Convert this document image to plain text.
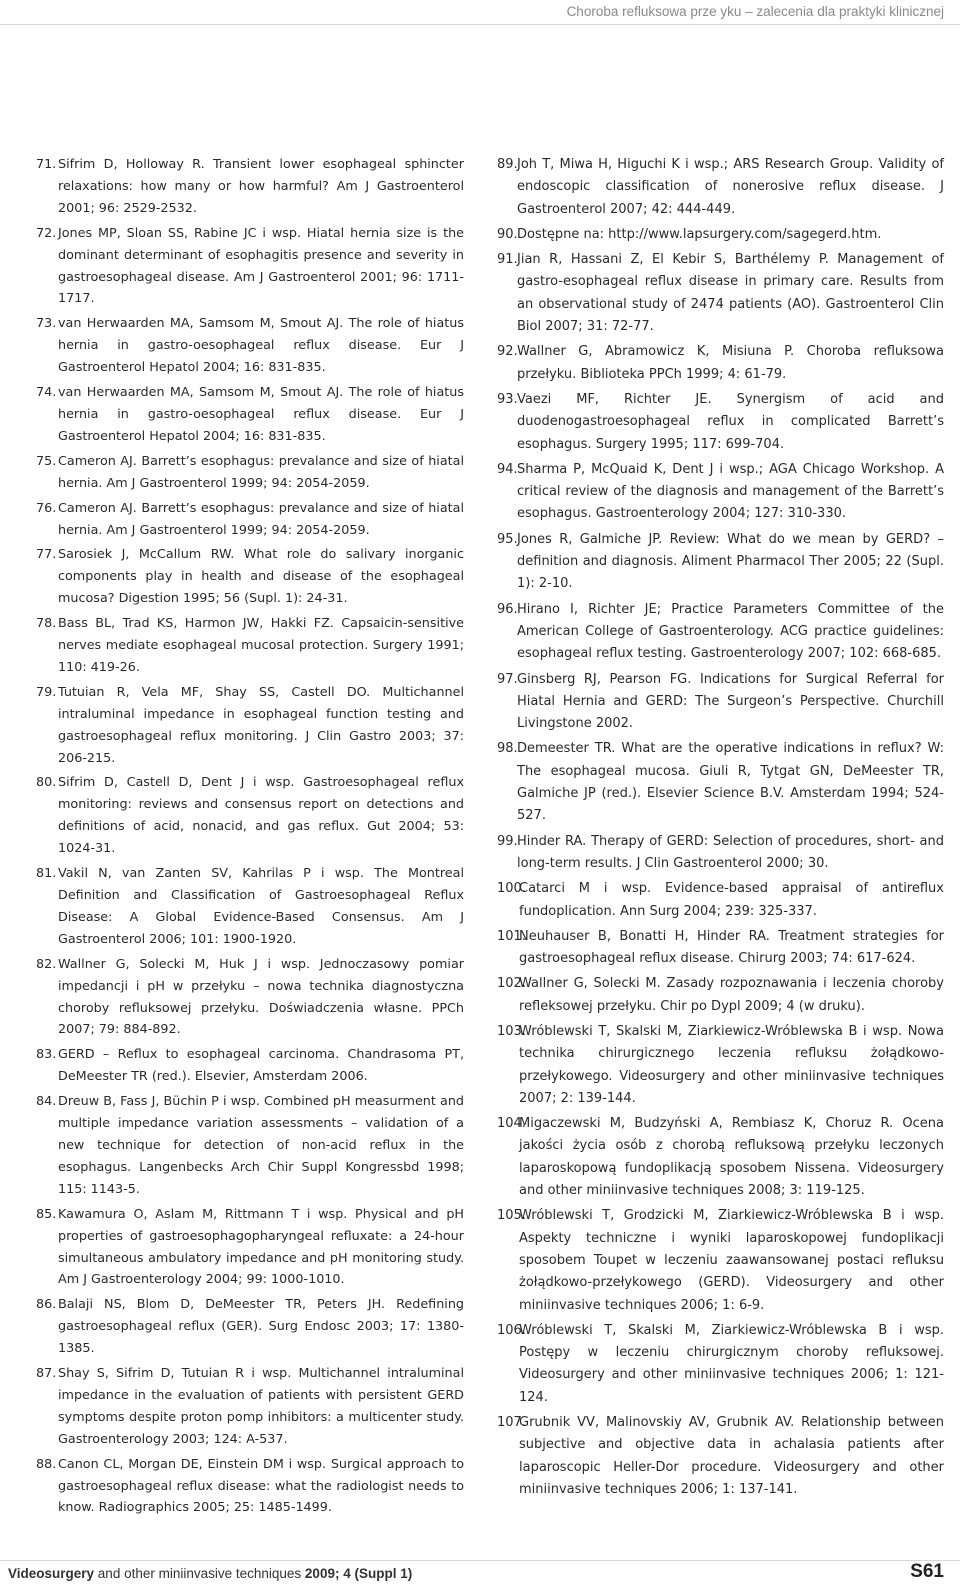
Choroba refluksowa prze yku – zalecenia dla praktyki klinicznej
71. Sifrim D, Holloway R. Transient lower esophageal sphincter relaxations: how many or how harmful? Am J Gastroenterol 2001; 96: 2529-2532.
72. Jones MP, Sloan SS, Rabine JC i wsp. Hiatal hernia size is the dominant determinant of esophagitis presence and severity in gastroesophageal disease. Am J Gastroenterol 2001; 96: 1711-1717.
73. van Herwaarden MA, Samsom M, Smout AJ. The role of hiatus hernia in gastro-oesophageal reflux disease. Eur J Gastroenterol Hepatol 2004; 16: 831-835.
74. van Herwaarden MA, Samsom M, Smout AJ. The role of hiatus hernia in gastro-oesophageal reflux disease. Eur J Gastroenterol Hepatol 2004; 16: 831-835.
75. Cameron AJ. Barrett’s esophagus: prevalance and size of hiatal hernia. Am J Gastroenterol 1999; 94: 2054-2059.
76. Cameron AJ. Barrett’s esophagus: prevalance and size of hiatal hernia. Am J Gastroenterol 1999; 94: 2054-2059.
77. Sarosiek J, McCallum RW. What role do salivary inorganic components play in health and disease of the esophageal mucosa? Digestion 1995; 56 (Supl. 1): 24-31.
78. Bass BL, Trad KS, Harmon JW, Hakki FZ. Capsaicin-sensitive nerves mediate esophageal mucosal protection. Surgery 1991; 110: 419-26.
79. Tutuian R, Vela MF, Shay SS, Castell DO. Multichannel intraluminal impedance in esophageal function testing and gastroesophageal reflux monitoring. J Clin Gastro 2003; 37: 206-215.
80. Sifrim D, Castell D, Dent J i wsp. Gastroesophageal reflux monitoring: reviews and consensus report on detections and definitions of acid, nonacid, and gas reflux. Gut 2004; 53: 1024-31.
81. Vakil N, van Zanten SV, Kahrilas P i wsp. The Montreal Definition and Classification of Gastroesophageal Reflux Disease: A Global Evidence-Based Consensus. Am J Gastroenterol 2006; 101: 1900-1920.
82. Wallner G, Solecki M, Huk J i wsp. Jednoczasowy pomiar impedancji i pH w przełyku – nowa technika diagnostyczna choroby refluksowej przełyku. Doświadczenia własne. PPCh 2007; 79: 884-892.
83. GERD – Reflux to esophageal carcinoma. Chandrasoma PT, DeMeester TR (red.). Elsevier, Amsterdam 2006.
84. Dreuw B, Fass J, Büchin P i wsp. Combined pH measurment and multiple impedance variation assessments – validation of a new technique for detection of non-acid reflux in the esophagus. Langenbecks Arch Chir Suppl Kongressbd 1998; 115: 1143-5.
85. Kawamura O, Aslam M, Rittmann T i wsp. Physical and pH properties of gastroesophagopharyngeal refluxate: a 24-hour simultaneous ambulatory impedance and pH monitoring study. Am J Gastroenterology 2004; 99: 1000-1010.
86. Balaji NS, Blom D, DeMeester TR, Peters JH. Redefining gastroesophageal reflux (GER). Surg Endosc 2003; 17: 1380-1385.
87. Shay S, Sifrim D, Tutuian R i wsp. Multichannel intraluminal impedance in the evaluation of patients with persistent GERD symptoms despite proton pomp inhibitors: a multicenter study. Gastroenterology 2003; 124: A-537.
88. Canon CL, Morgan DE, Einstein DM i wsp. Surgical approach to gastroesophageal reflux disease: what the radiologist needs to know. Radiographics 2005; 25: 1485-1499.
89. Joh T, Miwa H, Higuchi K i wsp.; ARS Research Group. Validity of endoscopic classification of nonerosive reflux disease. J Gastroenterol 2007; 42: 444-449.
90. Dostępne na: http://www.lapsurgery.com/sagegerd.htm.
91. Jian R, Hassani Z, El Kebir S, Barthélemy P. Management of gastro-esophageal reflux disease in primary care. Results from an observational study of 2474 patients (AO). Gastroenterol Clin Biol 2007; 31: 72-77.
92. Wallner G, Abramowicz K, Misiuna P. Choroba refluksowa przełyku. Biblioteka PPCh 1999; 4: 61-79.
93. Vaezi MF, Richter JE. Synergism of acid and duodenogastroesophageal reflux in complicated Barrett’s esophagus. Surgery 1995; 117: 699-704.
94. Sharma P, McQuaid K, Dent J i wsp.; AGA Chicago Workshop. A critical review of the diagnosis and management of the Barrett’s esophagus. Gastroenterology 2004; 127: 310-330.
95. Jones R, Galmiche JP. Review: What do we mean by GERD? – definition and diagnosis. Aliment Pharmacol Ther 2005; 22 (Supl. 1): 2-10.
96. Hirano I, Richter JE; Practice Parameters Committee of the American College of Gastroenterology. ACG practice guidelines: esophageal reflux testing. Gastroenterology 2007; 102: 668-685.
97. Ginsberg RJ, Pearson FG. Indications for Surgical Referral for Hiatal Hernia and GERD: The Surgeon’s Perspective. Churchill Livingstone 2002.
98. Demeester TR. What are the operative indications in reflux? W: The esophageal mucosa. Giuli R, Tytgat GN, DeMeester TR, Galmiche JP (red.). Elsevier Science B.V. Amsterdam 1994; 524-527.
99. Hinder RA. Therapy of GERD: Selection of procedures, short- and long-term results. J Clin Gastroenterol 2000; 30.
100.
Catarci M i wsp. Evidence-based appraisal of antireflux fundoplication. Ann Surg 2004; 239: 325-337.
101.
Neuhauser B, Bonatti H, Hinder RA. Treatment strategies for gastroesophageal reflux disease. Chirurg 2003; 74: 617-624.
102.
Wallner G, Solecki M. Zasady rozpoznawania i leczenia choroby refleksowej przełyku. Chir po Dypl 2009; 4 (w druku).
103.
Wróblewski T, Skalski M, Ziarkiewicz-Wróblewska B i wsp. Nowa technika chirurgicznego leczenia refluksu żołądkowo-przełykowego. Videosurgery and other miniinvasive techniques 2007; 2: 139-144.
104.
Migaczewski M, Budzyński A, Rembiasz K, Choruz R. Ocena jakości życia osób z chorobą refluksową przełyku leczonych laparoskopową fundoplikacją sposobem Nissena. Videosurgery and other miniinvasive techniques 2008; 3: 119-125.
105.
Wróblewski T, Grodzicki M, Ziarkiewicz-Wróblewska B i wsp. Aspekty techniczne i wyniki laparoskopowej fundoplikacji sposobem Toupet w leczeniu zaawansowanej postaci refluksu żołądkowo-przełykowego (GERD). Videosurgery and other miniinvasive techniques 2006; 1: 6-9.
106.
Wróblewski T, Skalski M, Ziarkiewicz-Wróblewska B i wsp. Postępy w leczeniu chirurgicznym choroby refluksowej. Videosurgery and other miniinvasive techniques 2006; 1: 121-124.
107.
Grubnik VV, Malinovskiy AV, Grubnik AV. Relationship between subjective and objective data in achalasia patients after laparoscopic Heller-Dor procedure. Videosurgery and other miniinvasive techniques 2006; 1: 137-141.
Videosurgery and other miniinvasive techniques 2009; 4 (Suppl 1)	S61
